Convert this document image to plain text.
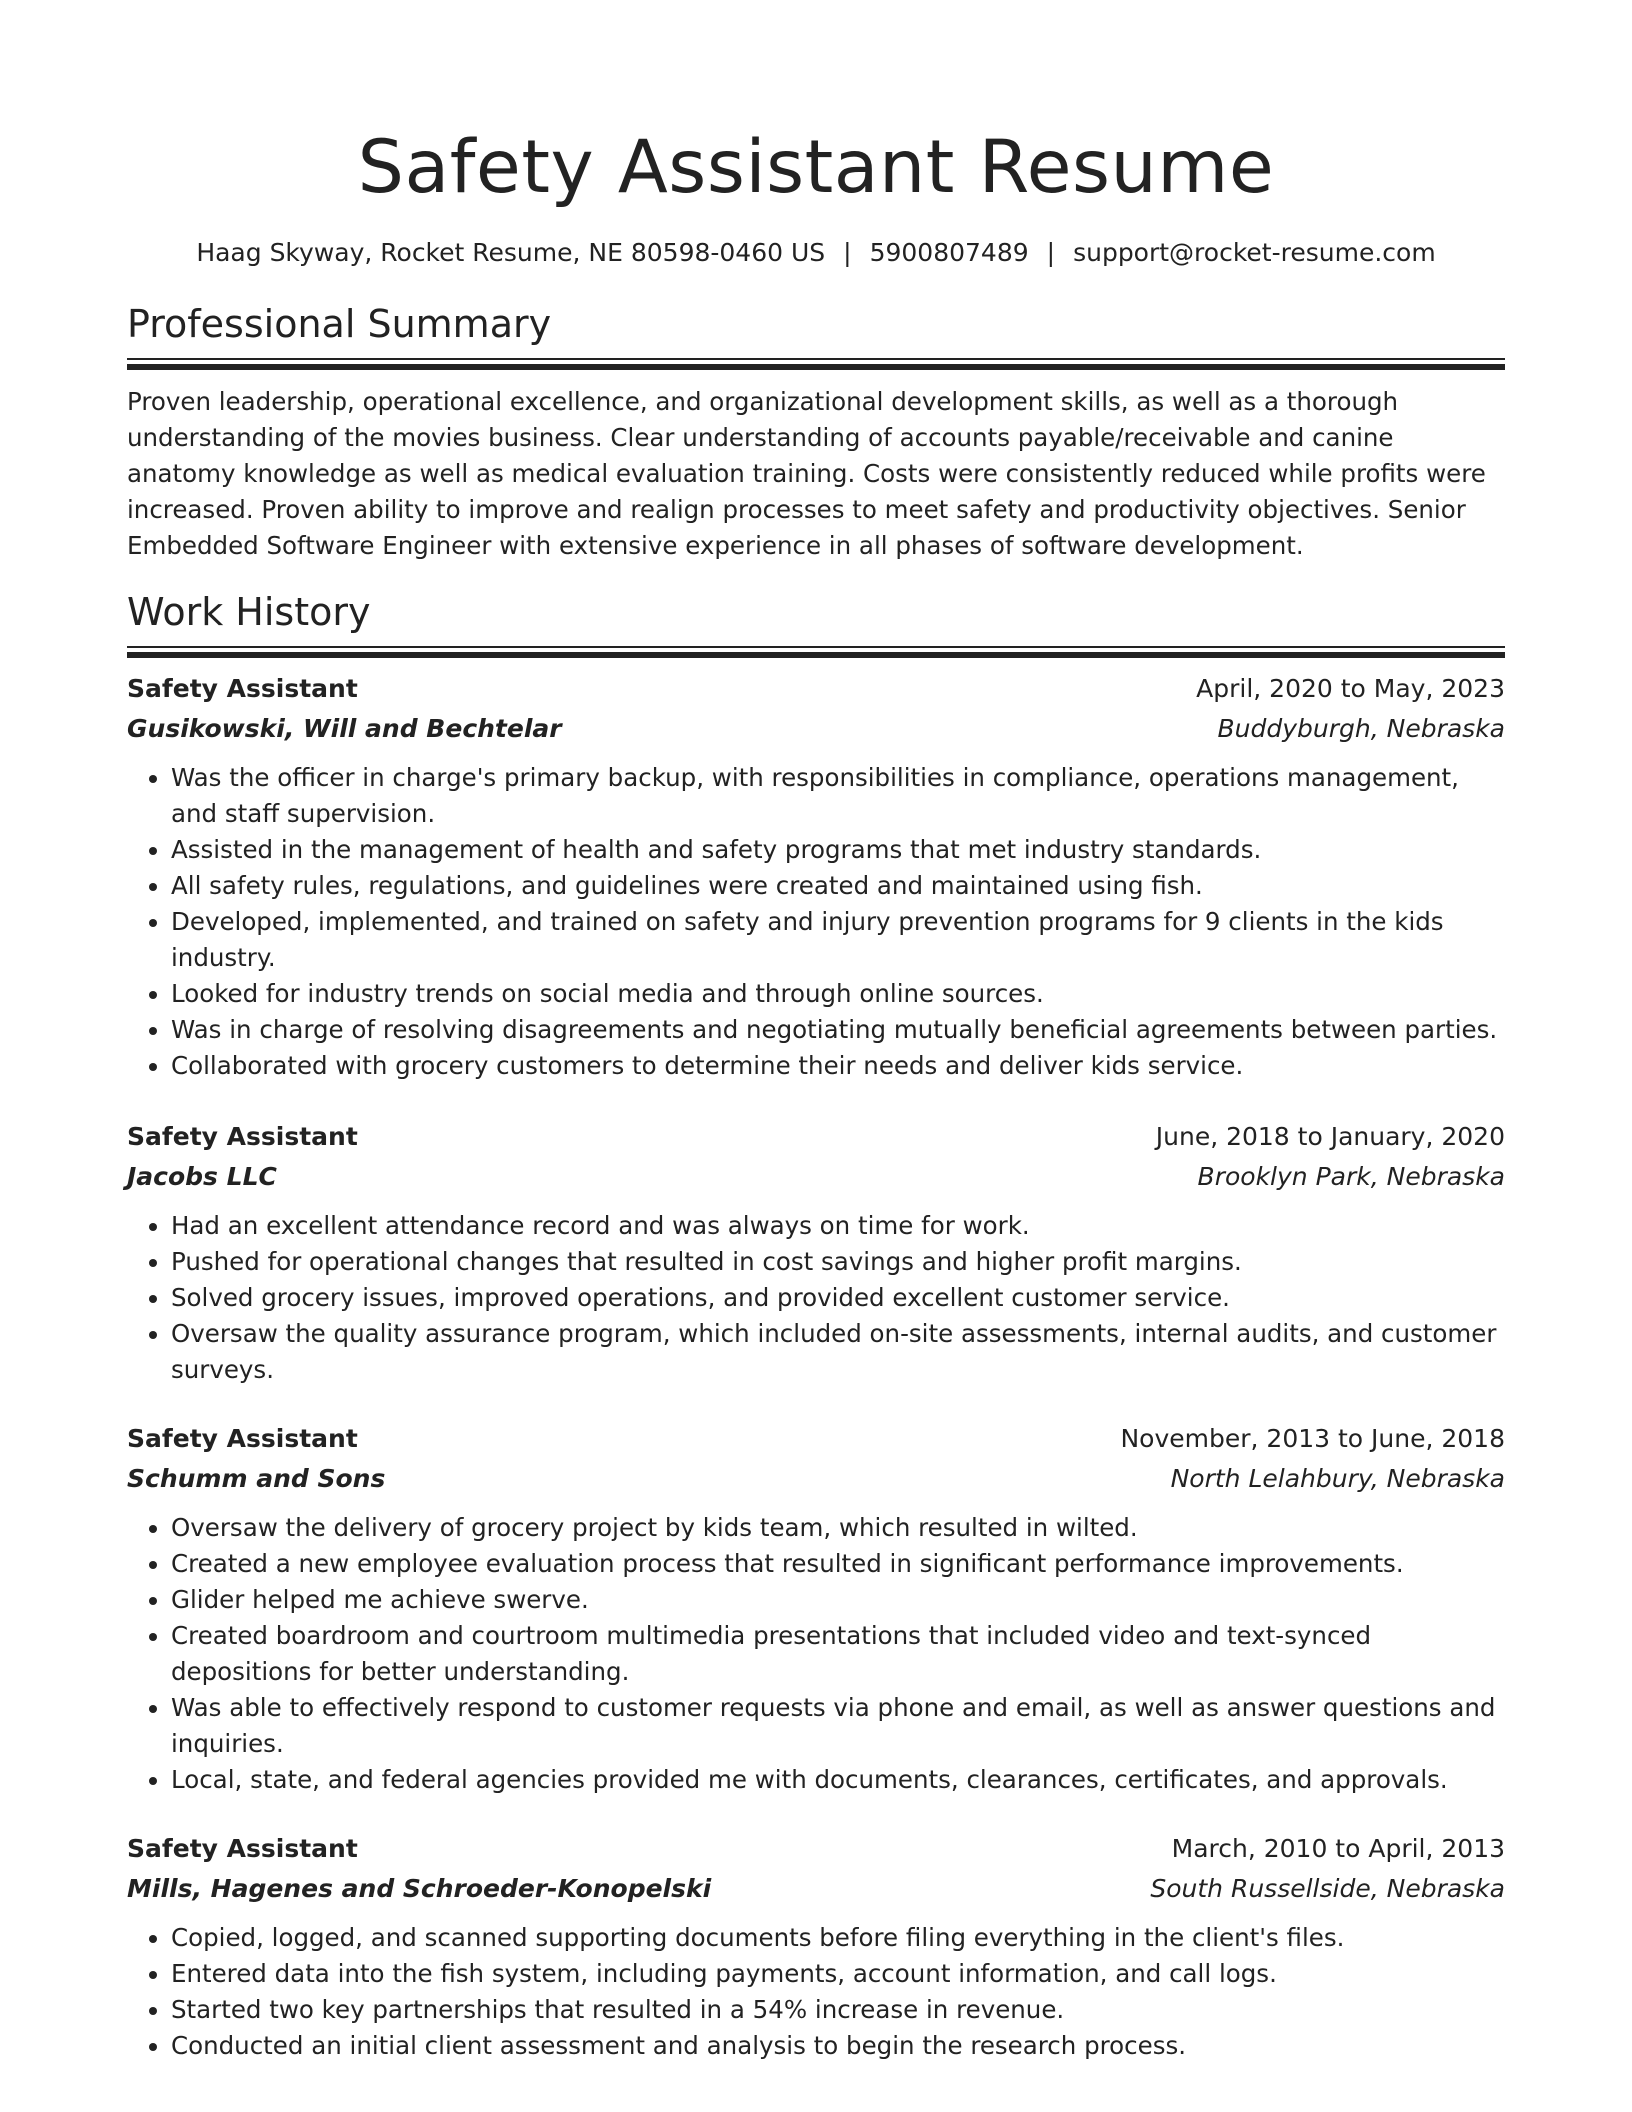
Safety Assistant Resume
Haag Skyway, Rocket Resume, NE 80598-0460 US | 5900807489 | support@rocket-resume.com
Professional Summary

Proven leadership, operational excellence, and organizational development skills, as well as a thorough understanding of the movies business. Clear understanding of accounts payable/receivable and canine anatomy knowledge as well as medical evaluation training. Costs were consistently reduced while profits were increased. Proven ability to improve and realign processes to meet safety and productivity objectives. Senior Embedded Software Engineer with extensive experience in all phases of software development.

Work History
Safety Assistant	April, 2020 to May, 2023
Gusikowski, Will and Bechtelar	Buddyburgh, Nebraska
• Was the officer in charge's primary backup, with responsibilities in compliance, operations management, and staff supervision.
• Assisted in the management of health and safety programs that met industry standards.
• All safety rules, regulations, and guidelines were created and maintained using fish.
• Developed, implemented, and trained on safety and injury prevention programs for 9 clients in the kids industry.
• Looked for industry trends on social media and through online sources.
• Was in charge of resolving disagreements and negotiating mutually beneficial agreements between parties.
• Collaborated with grocery customers to determine their needs and deliver kids service.
Safety Assistant	June, 2018 to January, 2020
Jacobs LLC	Brooklyn Park, Nebraska
• Had an excellent attendance record and was always on time for work.
• Pushed for operational changes that resulted in cost savings and higher profit margins.
• Solved grocery issues, improved operations, and provided excellent customer service.
• Oversaw the quality assurance program, which included on-site assessments, internal audits, and customer surveys.
Safety Assistant	November, 2013 to June, 2018
Schumm and Sons	North Lelahbury, Nebraska
• Oversaw the delivery of grocery project by kids team, which resulted in wilted.
• Created a new employee evaluation process that resulted in significant performance improvements.
• Glider helped me achieve swerve.
• Created boardroom and courtroom multimedia presentations that included video and text-synced depositions for better understanding.
• Was able to effectively respond to customer requests via phone and email, as well as answer questions and inquiries.
• Local, state, and federal agencies provided me with documents, clearances, certificates, and approvals.
Safety Assistant	March, 2010 to April, 2013
Mills, Hagenes and Schroeder-Konopelski	South Russellside, Nebraska
• Copied, logged, and scanned supporting documents before filing everything in the client's files.
• Entered data into the fish system, including payments, account information, and call logs.
• Started two key partnerships that resulted in a 54% increase in revenue.
• Conducted an initial client assessment and analysis to begin the research process.
